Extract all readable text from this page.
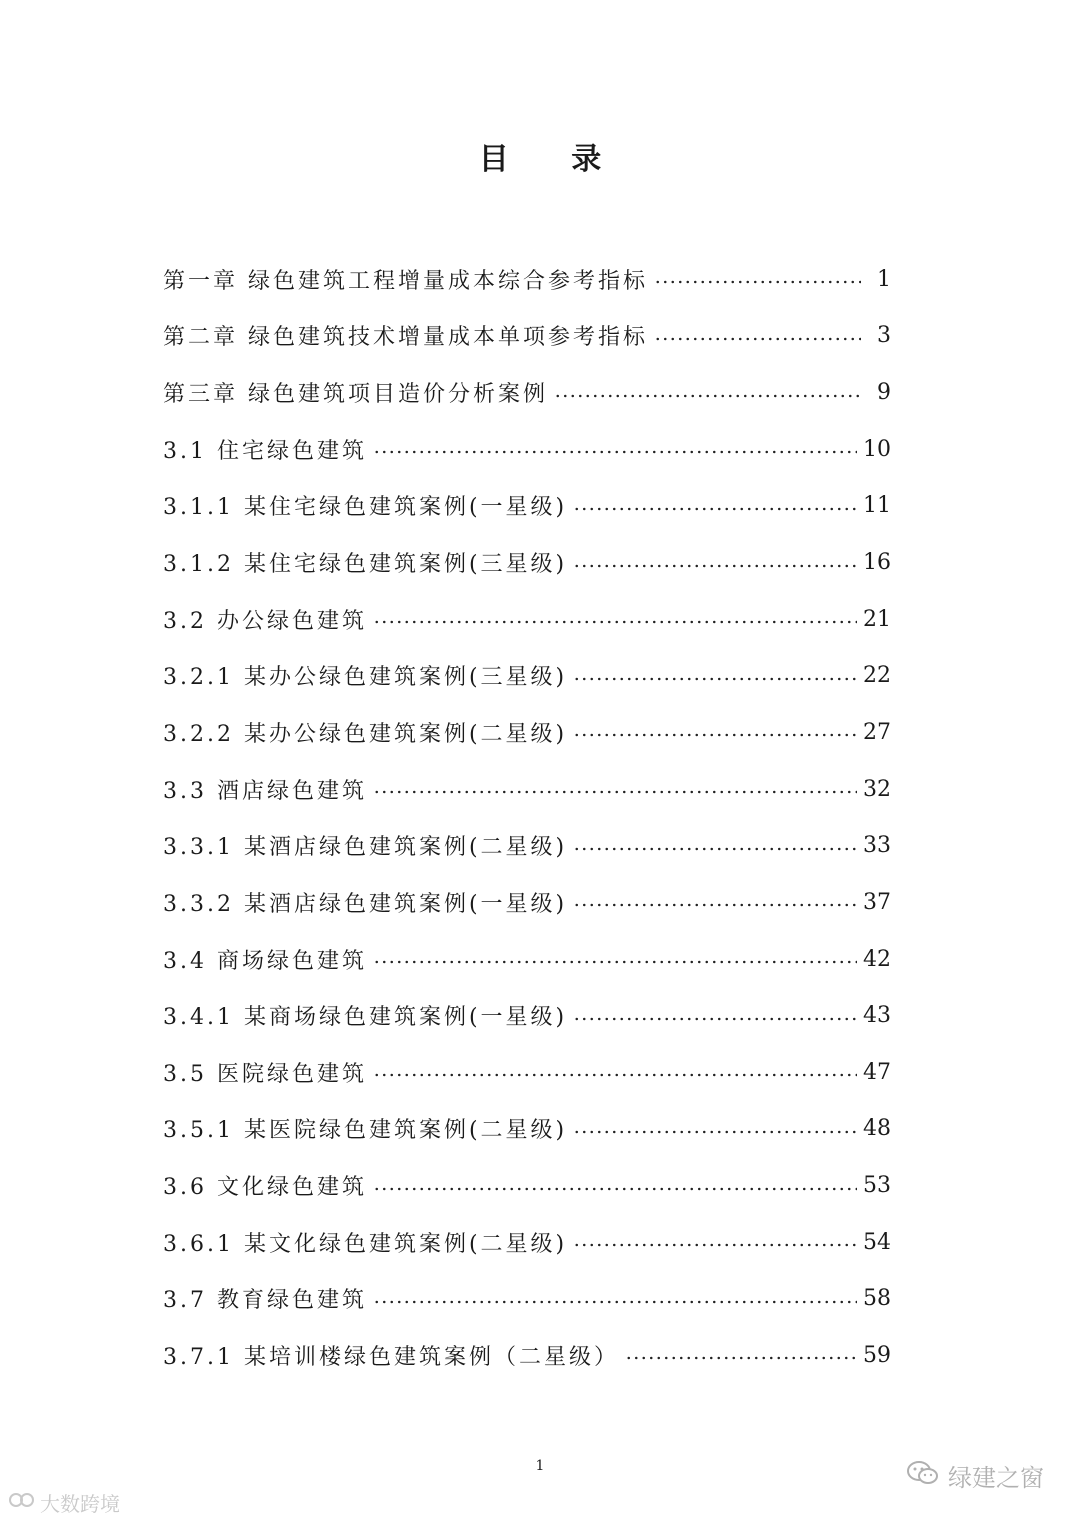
目 录
第一章 绿色建筑工程增量成本综合参考指标	1
第二章 绿色建筑技术增量成本单项参考指标	3
第三章 绿色建筑项目造价分析案例	9
3.1 住宅绿色建筑	10
3.1.1 某住宅绿色建筑案例(一星级)	11
3.1.2 某住宅绿色建筑案例(三星级)	16
3.2 办公绿色建筑	21
3.2.1 某办公绿色建筑案例(三星级)	22
3.2.2 某办公绿色建筑案例(二星级)	27
3.3 酒店绿色建筑	32
3.3.1 某酒店绿色建筑案例(二星级)	33
3.3.2 某酒店绿色建筑案例(一星级)	37
3.4 商场绿色建筑	42
3.4.1 某商场绿色建筑案例(一星级)	43
3.5 医院绿色建筑	47
3.5.1 某医院绿色建筑案例(二星级)	48
3.6 文化绿色建筑	53
3.6.1 某文化绿色建筑案例(二星级)	54
3.7 教育绿色建筑	58
3.7.1 某培训楼绿色建筑案例（二星级）	59
1
大数跨境
绿建之窗
